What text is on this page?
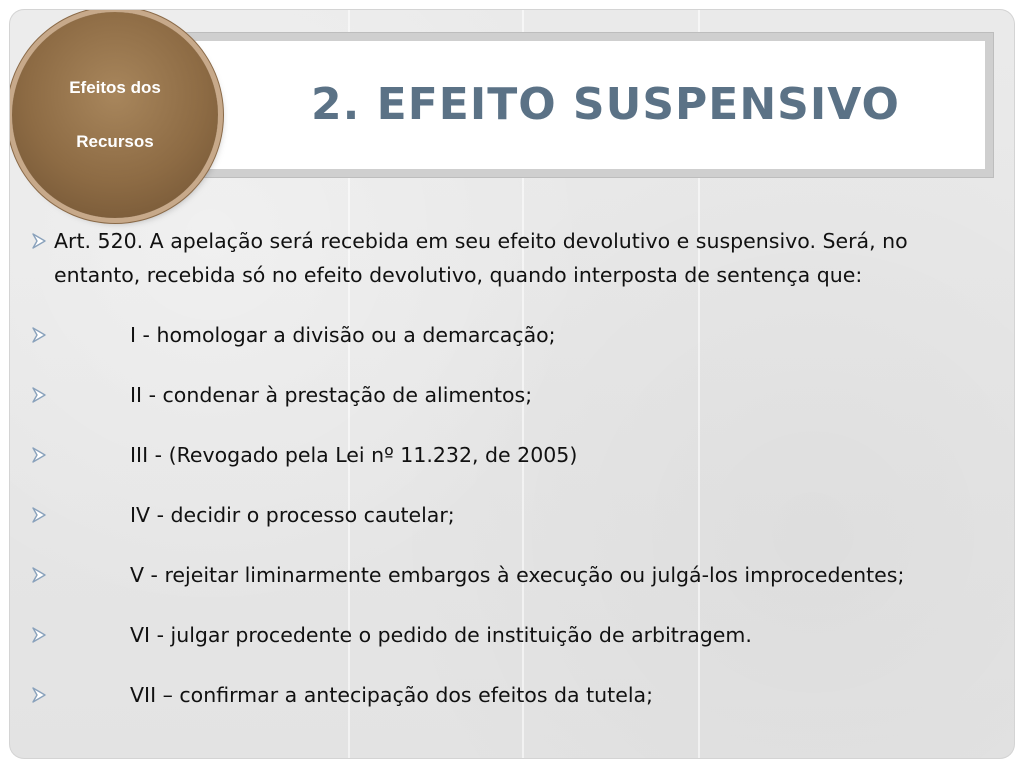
2. EFEITO SUSPENSIVO
Efeitos dos
Recursos
Art. 520. A apelação será recebida em seu efeito devolutivo e suspensivo. Será, no entanto, recebida só no efeito devolutivo, quando interposta de sentença que:
I - homologar a divisão ou a demarcação;
II - condenar à prestação de alimentos;
III - (Revogado pela Lei nº 11.232, de 2005)
IV - decidir o processo cautelar;
V - rejeitar liminarmente embargos à execução ou julgá-los improcedentes;
VI - julgar procedente o pedido de instituição de arbitragem.
VII – confirmar a antecipação dos efeitos da tutela;
